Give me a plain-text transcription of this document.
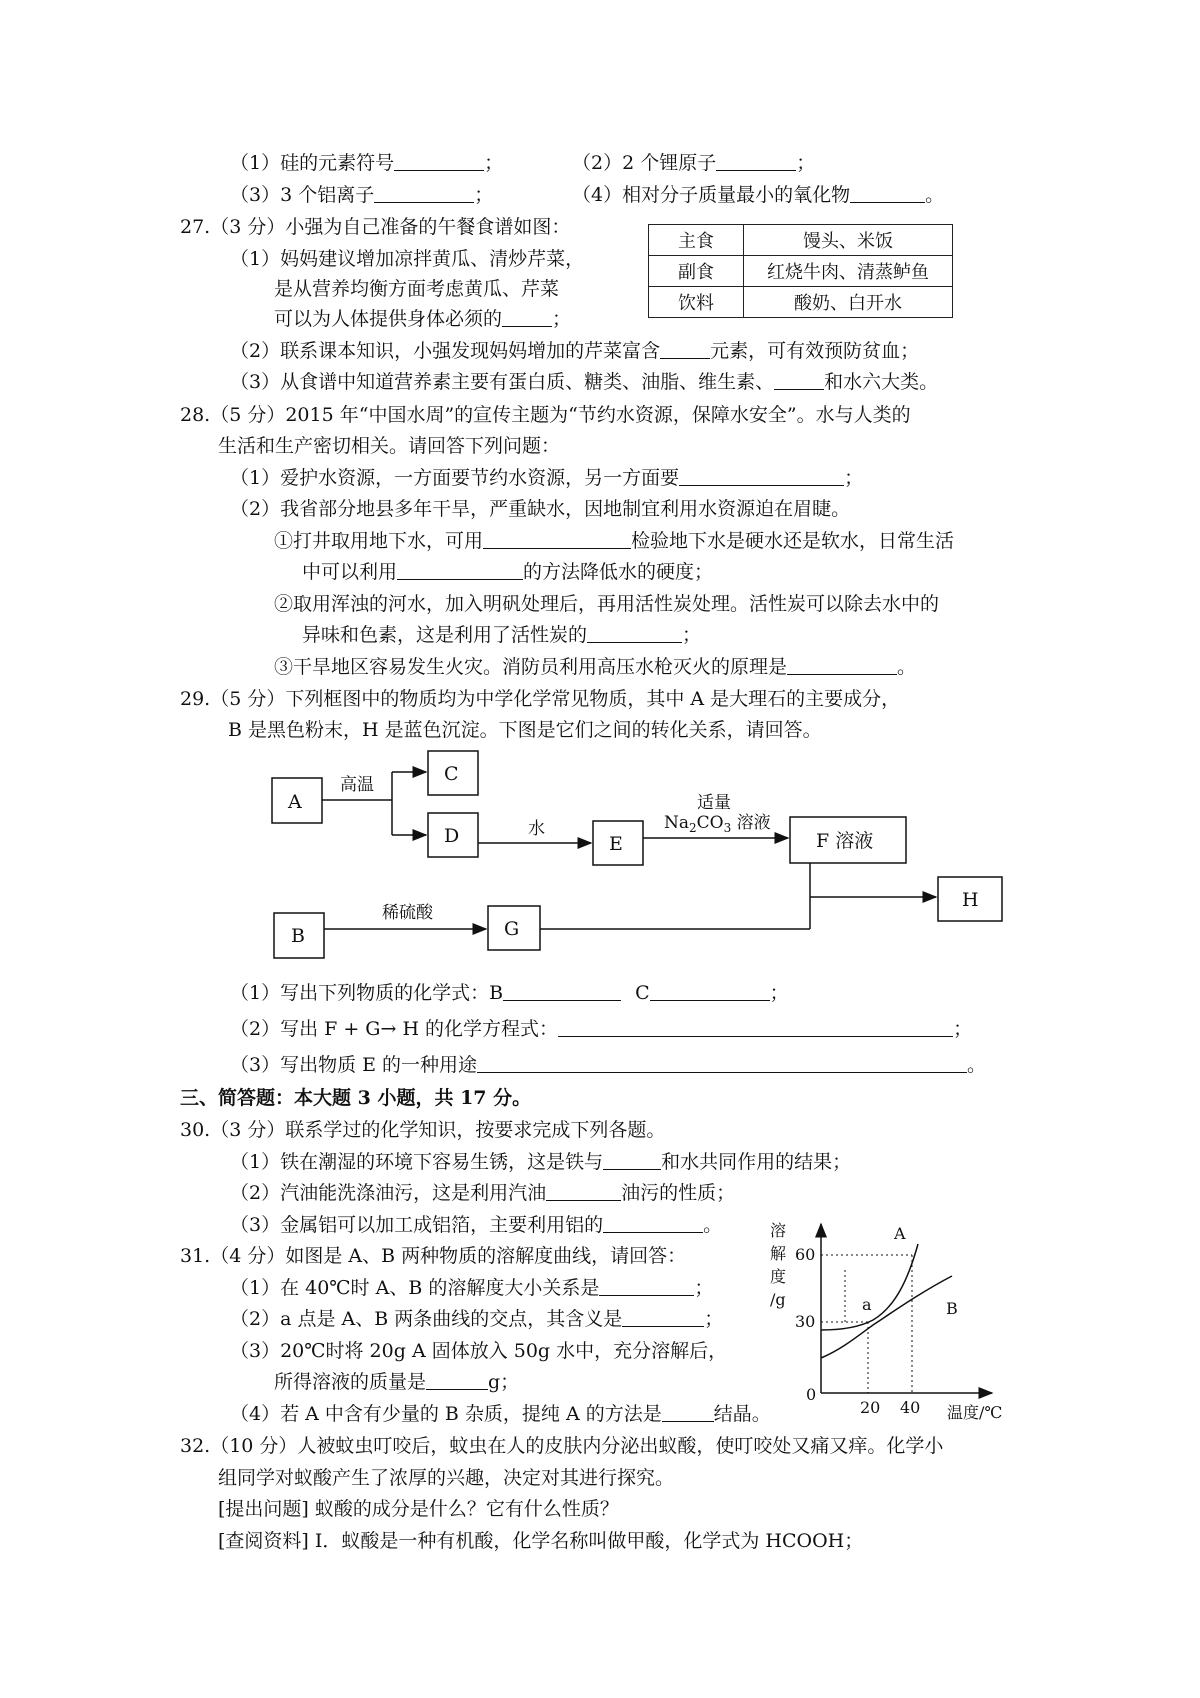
（1）硅的元素符号	；	（2）2 个锂原子	；
（3）3 个铝离子	；	（4）相对分子质量最小的氧化物	。
27.（3 分）小强为自己准备的午餐食谱如图：
（1）妈妈建议增加凉拌黄瓜、清炒芹菜，
是从营养均衡方面考虑黄瓜、芹菜
可以为人体提供身体必须的	；
主食	馒头、米饭
副食	红烧牛肉、清蒸鲈鱼
饮料	酸奶、白开水
（2）联系课本知识，小强发现妈妈增加的芹菜富含	元素，可有效预防贫血；
（3）从食谱中知道营养素主要有蛋白质、糖类、油脂、维生素、	和水六大类。
28.（5 分）2015 年“中国水周”的宣传主题为“节约水资源，保障水安全”。水与人类的
生活和生产密切相关。请回答下列问题：
（1）爱护水资源，一方面要节约水资源，另一方面要	；
（2）我省部分地县多年干旱，严重缺水，因地制宜利用水资源迫在眉睫。
①打井取用地下水，可用	检验地下水是硬水还是软水，日常生活
中可以利用	的方法降低水的硬度；
②取用浑浊的河水，加入明矾处理后，再用活性炭处理。活性炭可以除去水中的
异味和色素，这是利用了活性炭的	；
③干旱地区容易发生火灾。消防员利用高压水枪灭火的原理是	。
29.（5 分）下列框图中的物质均为中学化学常见物质，其中 A 是大理石的主要成分，
B 是黑色粉末，H 是蓝色沉淀。下图是它们之间的转化关系，请回答。
A
C
D	E	F 溶液
H
B	G
高温
水
适量
$Na_2CO_3$ 溶液
稀硫酸
（1）写出下列物质的化学式：B	C	；
（2）写出 F + G→ H 的化学方程式：	；
（3）写出物质 E 的一种用途	。
三、简答题：本大题 3 小题，共 17 分。
30.（3 分）联系学过的化学知识，按要求完成下列各题。
（1）铁在潮湿的环境下容易生锈，这是铁与	和水共同作用的结果；
（2）汽油能洗涤油污，这是利用汽油	油污的性质；
（3）金属铝可以加工成铝箔，主要利用铝的	。
31.（4 分）如图是 A、B 两种物质的溶解度曲线，请回答：
（1）在 40℃时 A、B 的溶解度大小关系是	；
（2）a 点是 A、B 两条曲线的交点，其含义是	；
（3）20℃时将 20g A 固体放入 50g 水中，充分溶解后，
所得溶液的质量是	g；
（4）若 A 中含有少量的 B 杂质，提纯 A 的方法是	结晶。
溶
解
度
/g
60
30
0
20 40 温度/℃
A
B
a
32.（10 分）人被蚊虫叮咬后，蚊虫在人的皮肤内分泌出蚁酸，使叮咬处又痛又痒。化学小
组同学对蚁酸产生了浓厚的兴趣，决定对其进行探究。
[提出问题] 蚁酸的成分是什么？它有什么性质？
[查阅资料] I．蚁酸是一种有机酸，化学名称叫做甲酸，化学式为 HCOOH；
